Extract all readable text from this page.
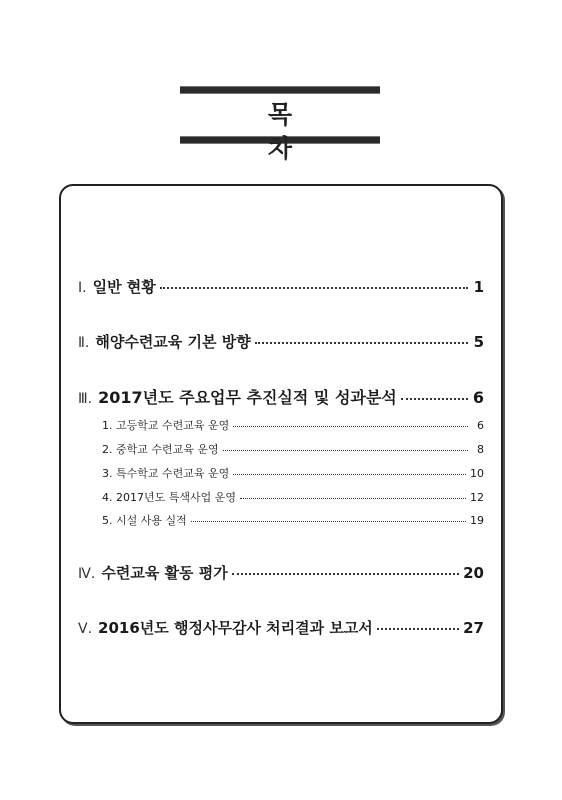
목 차
Ⅰ. 일반 현황	1
Ⅱ. 해양수련교육 기본 방향	5
Ⅲ. 2017년도 주요업무 추진실적 및 성과분석	6
1. 고등학교 수련교육 운영	6
2. 중학교 수련교육 운영	8
3. 특수학교 수련교육 운영	10
4. 2017년도 특색사업 운영	12
5. 시설 사용 실적	19
Ⅳ. 수련교육 활동 평가	20
Ⅴ. 2016년도 행정사무감사 처리결과 보고서	27
